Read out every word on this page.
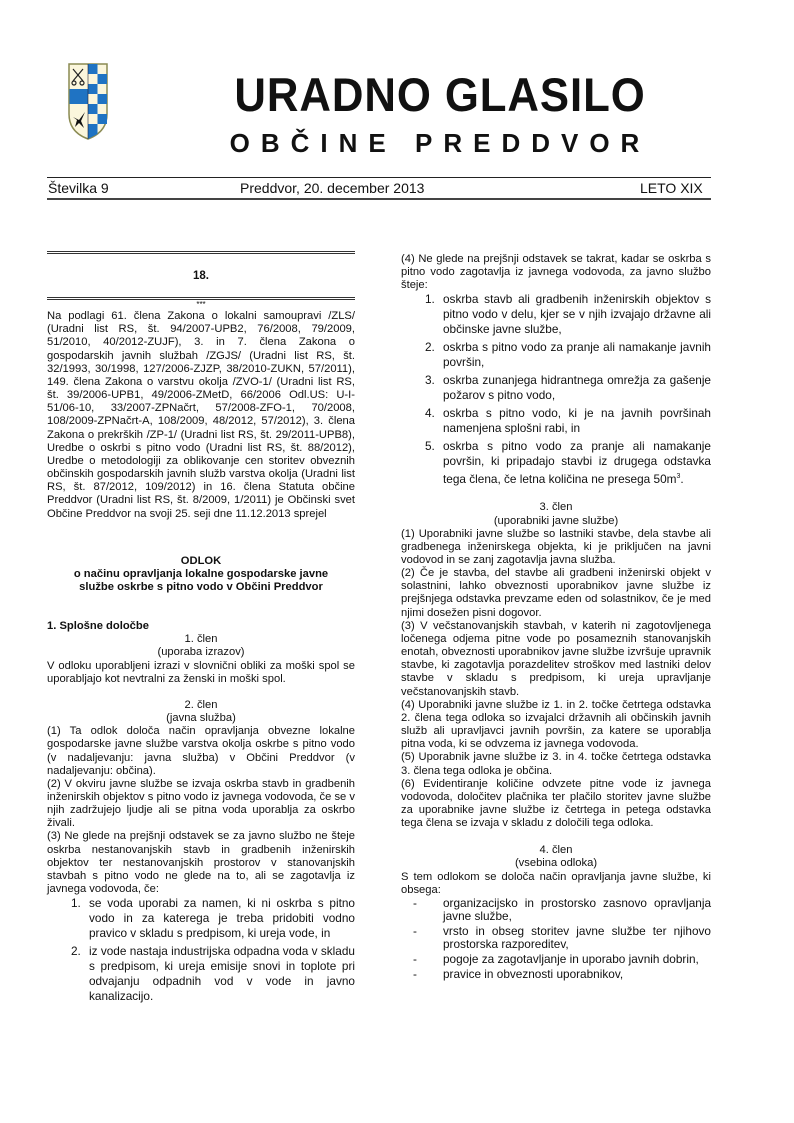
URADNO GLASILO
OBČINE PREDDVOR
Številka 9	Preddvor, 20. december 2013	LETO XIX

18.

***

Na podlagi 61. člena Zakona o lokalni samoupravi /ZLS/ (Uradni list RS, št. 94/2007-UPB2, 76/2008, 79/2009, 51/2010, 40/2012-ZUJF), 3. in 7. člena Zakona o gospodarskih javnih službah /ZGJS/ (Uradni list RS, št. 32/1993, 30/1998, 127/2006-ZJZP, 38/2010-ZUKN, 57/2011), 149. člena Zakona o varstvu okolja /ZVO-1/ (Uradni list RS, št. 39/2006-UPB1, 49/2006-ZMetD, 66/2006 Odl.US: U-I-51/06-10, 33/2007-ZPNačrt, 57/2008-ZFO-1, 70/2008, 108/2009-ZPNačrt-A, 108/2009, 48/2012, 57/2012), 3. člena Zakona o prekrških /ZP-1/ (Uradni list RS, št. 29/2011-UPB8), Uredbe o oskrbi s pitno vodo (Uradni list RS, št. 88/2012), Uredbe o metodologiji za oblikovanje cen storitev obveznih občinskih gospodarskih javnih služb varstva okolja (Uradni list RS, št. 87/2012, 109/2012) in 16. člena Statuta občine Preddvor (Uradni list RS, št. 8/2009, 1/2011) je Občinski svet Občine Preddvor na svoji 25. seji dne 11.12.2013 sprejel

ODLOK

o načinu opravljanja lokalne gospodarske javne

službe oskrbe s pitno vodo v Občini Preddvor

1. Splošne določbe

1. člen

(uporaba izrazov)

V odloku uporabljeni izrazi v slovnični obliki za moški spol se uporabljajo kot nevtralni za ženski in moški spol.

2. člen

(javna služba)

(1) Ta odlok določa način opravljanja obvezne lokalne gospodarske javne službe varstva okolja oskrbe s pitno vodo (v nadaljevanju: javna služba) v Občini Preddvor (v nadaljevanju: občina).

(2) V okviru javne službe se izvaja oskrba stavb in gradbenih inženirskih objektov s pitno vodo iz javnega vodovoda, če se v njih zadržujejo ljudje ali se pitna voda uporablja za oskrbo živali.

(3) Ne glede na prejšnji odstavek se za javno službo ne šteje oskrba nestanovanjskih stavb in gradbenih inženirskih objektov ter nestanovanjskih prostorov v stanovanjskih stavbah s pitno vodo ne glede na to, ali se zagotavlja iz javnega vodovoda, če:

1. se voda uporabi za namen, ki ni oskrba s pitno vodo in za katerega je treba pridobiti vodno pravico v skladu s predpisom, ki ureja vode, in
2. iz vode nastaja industrijska odpadna voda v skladu s predpisom, ki ureja emisije snovi in toplote pri odvajanju odpadnih vod v vode in javno kanalizacijo.

(4) Ne glede na prejšnji odstavek se takrat, kadar se oskrba s pitno vodo zagotavlja iz javnega vodovoda, za javno službo šteje:

1. oskrba stavb ali gradbenih inženirskih objektov s pitno vodo v delu, kjer se v njih izvajajo državne ali občinske javne službe,
2. oskrba s pitno vodo za pranje ali namakanje javnih površin,
3. oskrba zunanjega hidrantnega omrežja za gašenje požarov s pitno vodo,
4. oskrba s pitno vodo, ki je na javnih površinah namenjena splošni rabi, in
5. oskrba s pitno vodo za pranje ali namakanje površin, ki pripadajo stavbi iz drugega odstavka tega člena, če letna količina ne presega $50m^3$.

3. člen

(uporabniki javne službe)

(1) Uporabniki javne službe so lastniki stavbe, dela stavbe ali gradbenega inženirskega objekta, ki je priključen na javni vodovod in se zanj zagotavlja javna služba.

(2) Če je stavba, del stavbe ali gradbeni inženirski objekt v solastnini, lahko obveznosti uporabnikov javne službe iz prejšnjega odstavka prevzame eden od solastnikov, če je med njimi dosežen pisni dogovor.

(3) V večstanovanjskih stavbah, v katerih ni zagotovljenega ločenega odjema pitne vode po posameznih stanovanjskih enotah, obveznosti uporabnikov javne službe izvršuje upravnik stavbe, ki zagotavlja porazdelitev stroškov med lastniki delov stavbe v skladu s predpisom, ki ureja upravljanje večstanovanjskih stavb.

(4) Uporabniki javne službe iz 1. in 2. točke četrtega odstavka 2. člena tega odloka so izvajalci državnih ali občinskih javnih služb ali upravljavci javnih površin, za katere se uporablja pitna voda, ki se odvzema iz javnega vodovoda.

(5) Uporabnik javne službe iz 3. in 4. točke četrtega odstavka 3. člena tega odloka je občina.

(6) Evidentiranje količine odvzete pitne vode iz javnega vodovoda, določitev plačnika ter plačilo storitev javne službe za uporabnike javne službe iz četrtega in petega odstavka tega člena se izvaja v skladu z določili tega odloka.

4. člen

(vsebina odloka)

S tem odlokom se določa način opravljanja javne službe, ki obsega:

- organizacijsko in prostorsko zasnovo opravljanja javne službe,
- vrsto in obseg storitev javne službe ter njihovo prostorska razporeditev,
- pogoje za zagotavljanje in uporabo javnih dobrin,
- pravice in obveznosti uporabnikov,
